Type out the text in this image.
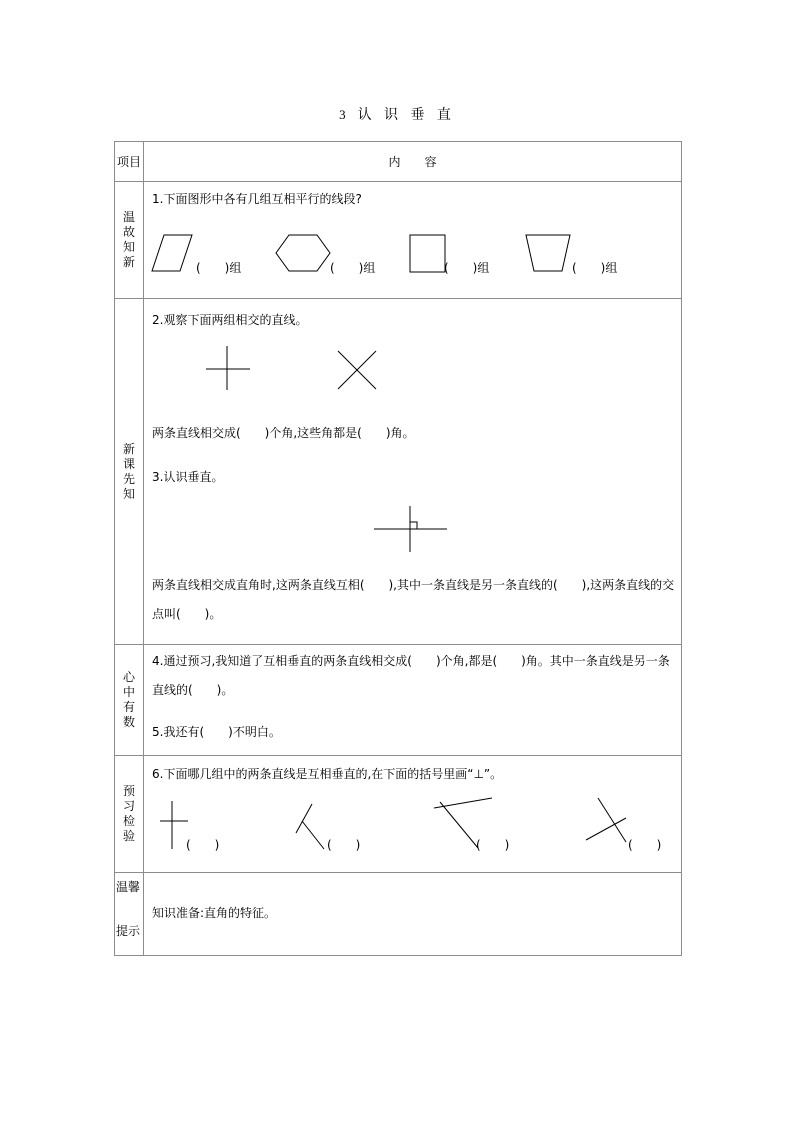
3 认 识 垂 直
项目	内　　容
温故知新	1.下面图形中各有几组互相平行的线段?
(　　)组 (　　)组 (　　)组 (　　)组

新课先知	2.观察下面两组相交的直线。
两条直线相交成(　　)个角,这些角都是(　　)角。
3.认识垂直。
两条直线相交成直角时,这两条直线互相(　　),其中一条直线是另一条直线的(　　),这两条直线的交点叫(　　)。

心中有数	4.通过预习,我知道了互相垂直的两条直线相交成(　　)个角,都是(　　)角。其中一条直线是另一条直线的(　　)。
5.我还有(　　)不明白。

预习检验	6.下面哪几组中的两条直线是互相垂直的,在下面的括号里画“⊥”。
(　　) (　　) (　　) (　　)

温馨
提示	知识准备:直角的特征。
